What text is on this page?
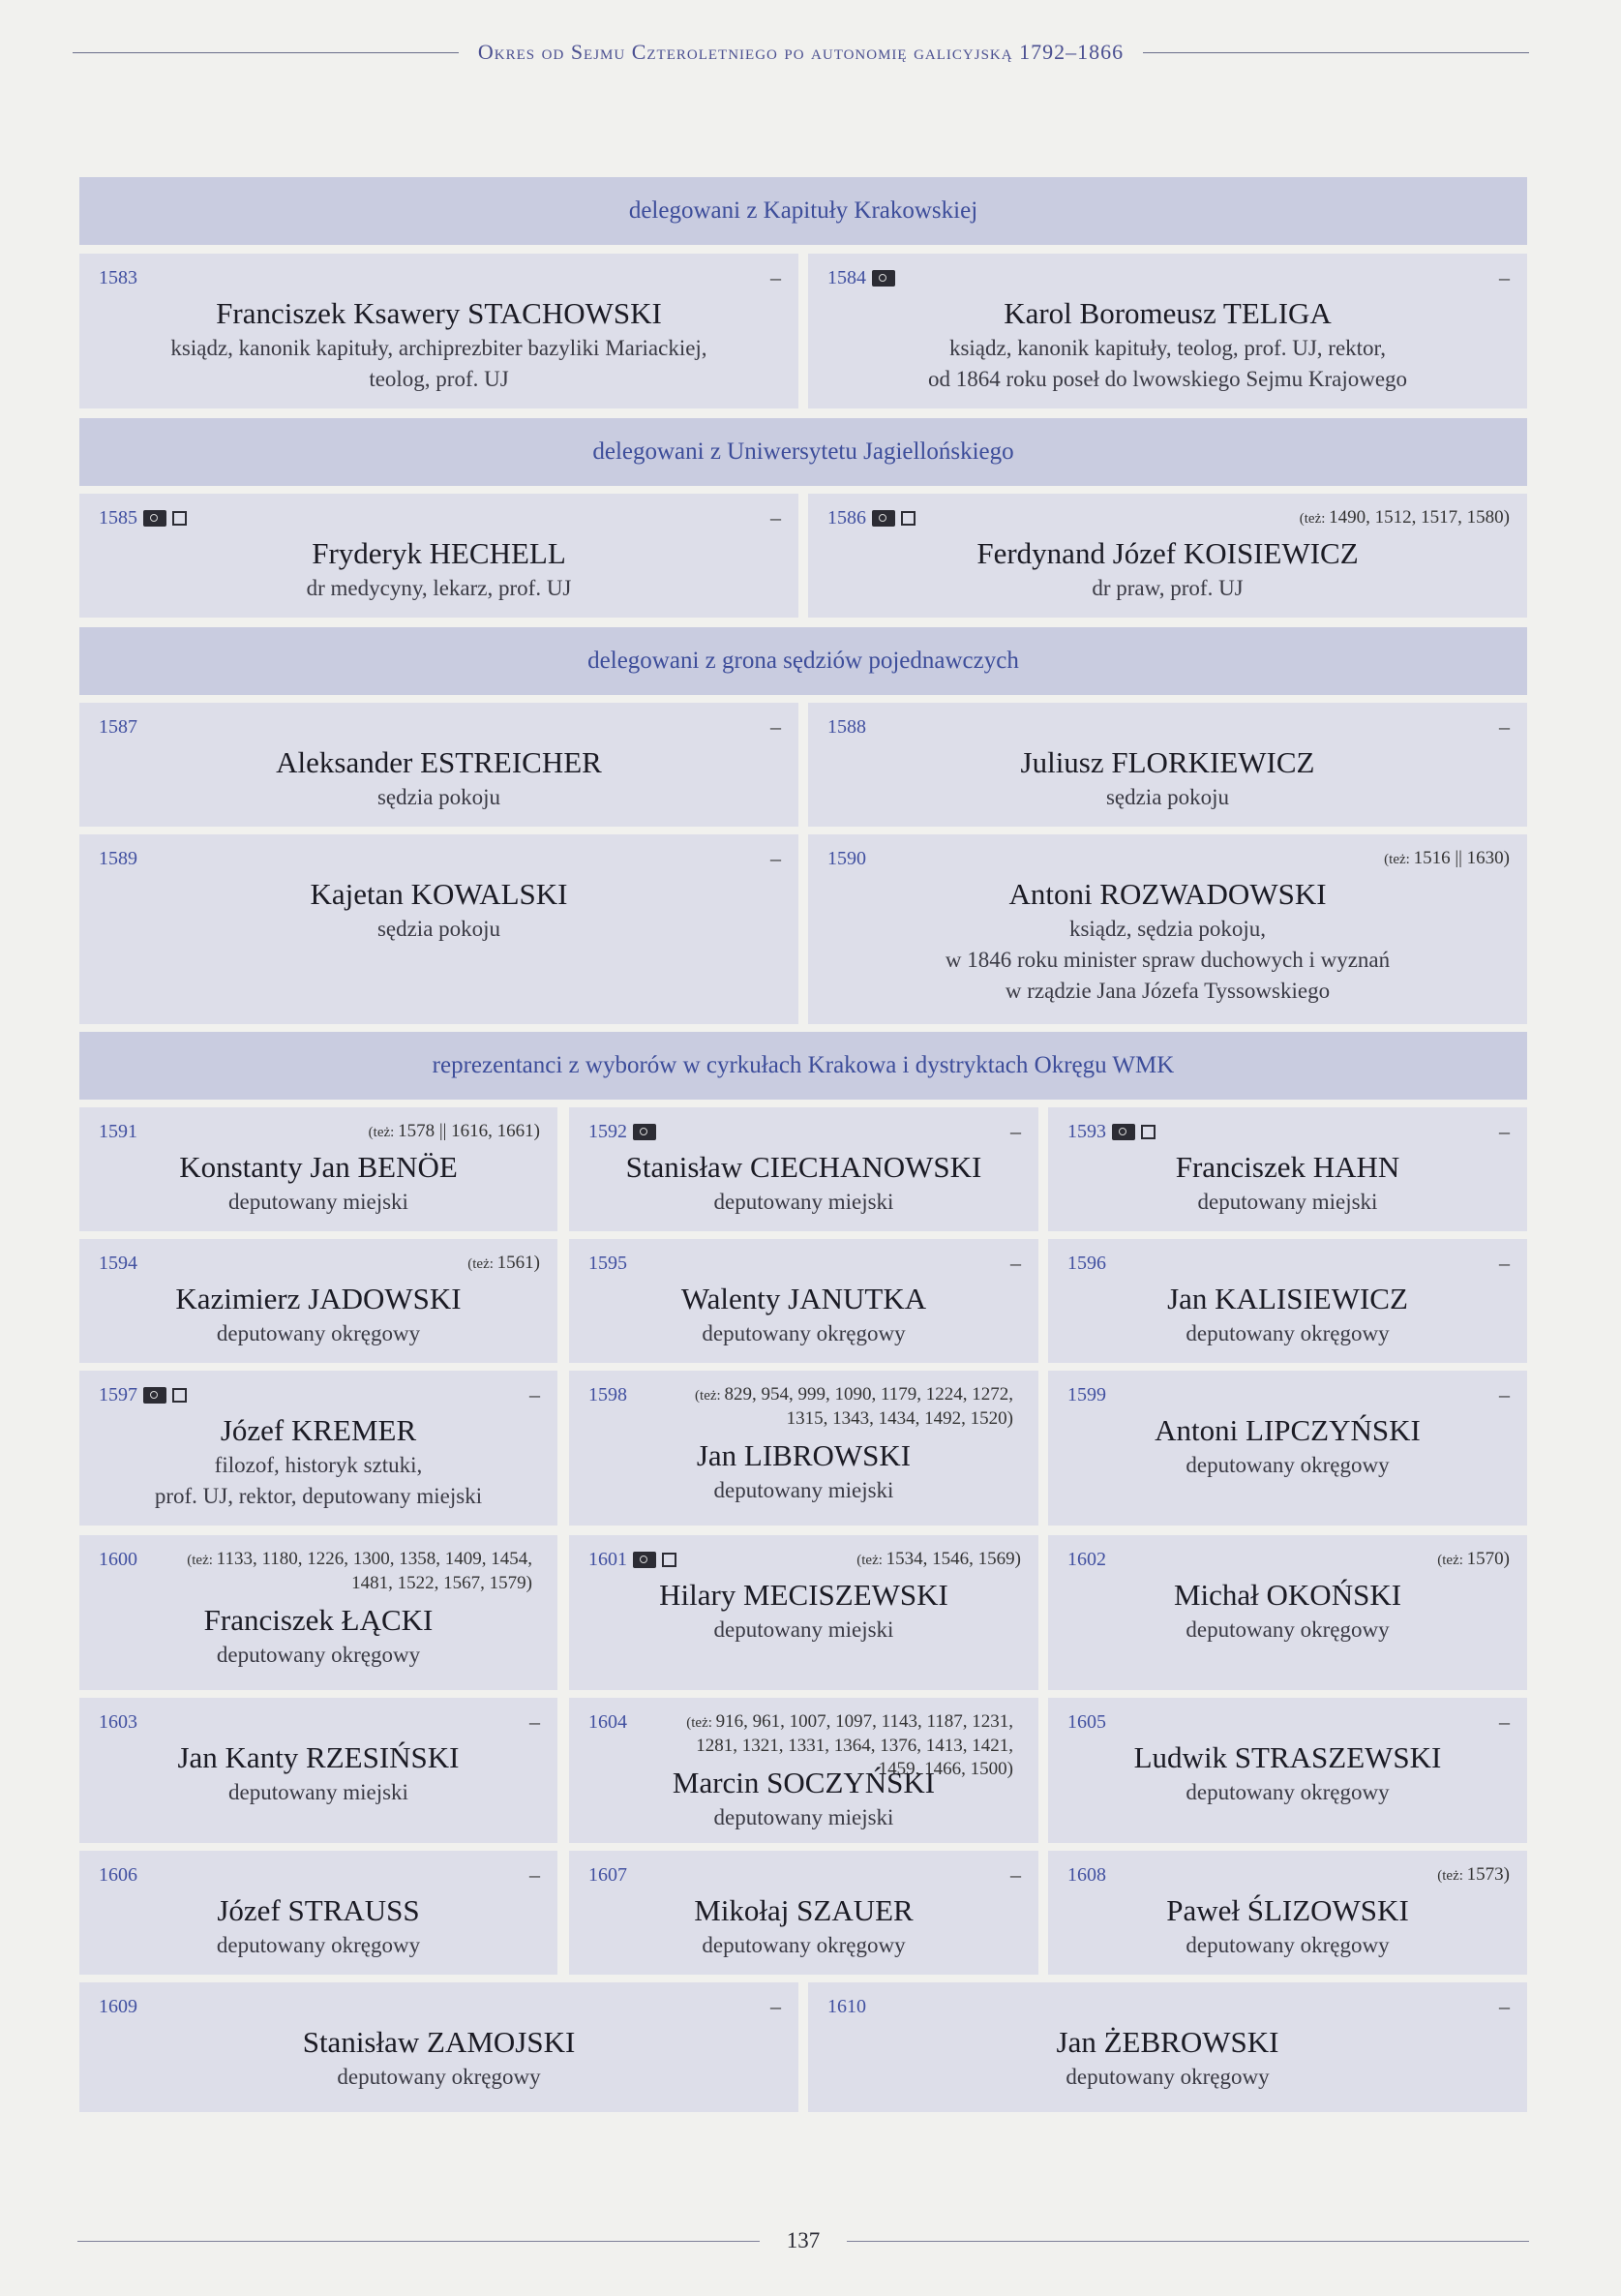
Okres od Sejmu Czteroletniego po autonomię galicyjską 1792–1866
delegowani z Kapituły Krakowskiej
delegowani z Uniwersytetu Jagiellońskiego
delegowani z grona sędziów pojednawczych
reprezentanci z wyborów w cyrkułach Krakowa i dystryktach Okręgu WMK
1583	–
Franciszek Ksawery STACHOWSKI
ksiądz, kanonik kapituły, archiprezbiter bazyliki Mariackiej,
teolog, prof. UJ
1584	–
Karol Boromeusz TELIGA
ksiądz, kanonik kapituły, teolog, prof. UJ, rektor,
od 1864 roku poseł do lwowskiego Sejmu Krajowego
1585	–
Fryderyk HECHELL
dr medycyny, lekarz, prof. UJ
1586	(też: 1490, 1512, 1517, 1580)
Ferdynand Józef KOISIEWICZ
dr praw, prof. UJ
1587	–
Aleksander ESTREICHER
sędzia pokoju
1588	–
Juliusz FLORKIEWICZ
sędzia pokoju
1589	–
Kajetan KOWALSKI
sędzia pokoju
1590	(też: 1516 || 1630)
Antoni ROZWADOWSKI
ksiądz, sędzia pokoju,
w 1846 roku minister spraw duchowych i wyznań
w rządzie Jana Józefa Tyssowskiego
1591	(też: 1578 || 1616, 1661)
Konstanty Jan BENÖE
deputowany miejski
1592	–
Stanisław CIECHANOWSKI
deputowany miejski
1593	–
Franciszek HAHN
deputowany miejski
1594	(też: 1561)
Kazimierz JADOWSKI
deputowany okręgowy
1595	–
Walenty JANUTKA
deputowany okręgowy
1596	–
Jan KALISIEWICZ
deputowany okręgowy
1597	–
Józef KREMER
filozof, historyk sztuki,
prof. UJ, rektor, deputowany miejski
1598	(też: 829, 954, 999, 1090, 1179, 1224, 1272, 1315, 1343, 1434, 1492, 1520)
Jan LIBROWSKI
deputowany miejski
1599	–
Antoni LIPCZYŃSKI
deputowany okręgowy
1600	(też: 1133, 1180, 1226, 1300, 1358, 1409, 1454, 1481, 1522, 1567, 1579)
Franciszek ŁĄCKI
deputowany okręgowy
1601	(też: 1534, 1546, 1569)
Hilary MECISZEWSKI
deputowany miejski
1602	(też: 1570)
Michał OKOŃSKI
deputowany okręgowy
1603	–
Jan Kanty RZESIŃSKI
deputowany miejski
1604	(też: 916, 961, 1007, 1097, 1143, 1187, 1231, 1281, 1321, 1331, 1364, 1376, 1413, 1421, 1459, 1466, 1500)
Marcin SOCZYŃSKI
deputowany miejski
1605	–
Ludwik STRASZEWSKI
deputowany okręgowy
1606	–
Józef STRAUSS
deputowany okręgowy
1607	–
Mikołaj SZAUER
deputowany okręgowy
1608	(też: 1573)
Paweł ŚLIZOWSKI
deputowany okręgowy
1609	–
Stanisław ZAMOJSKI
deputowany okręgowy
1610	–
Jan ŻEBROWSKI
deputowany okręgowy
137
